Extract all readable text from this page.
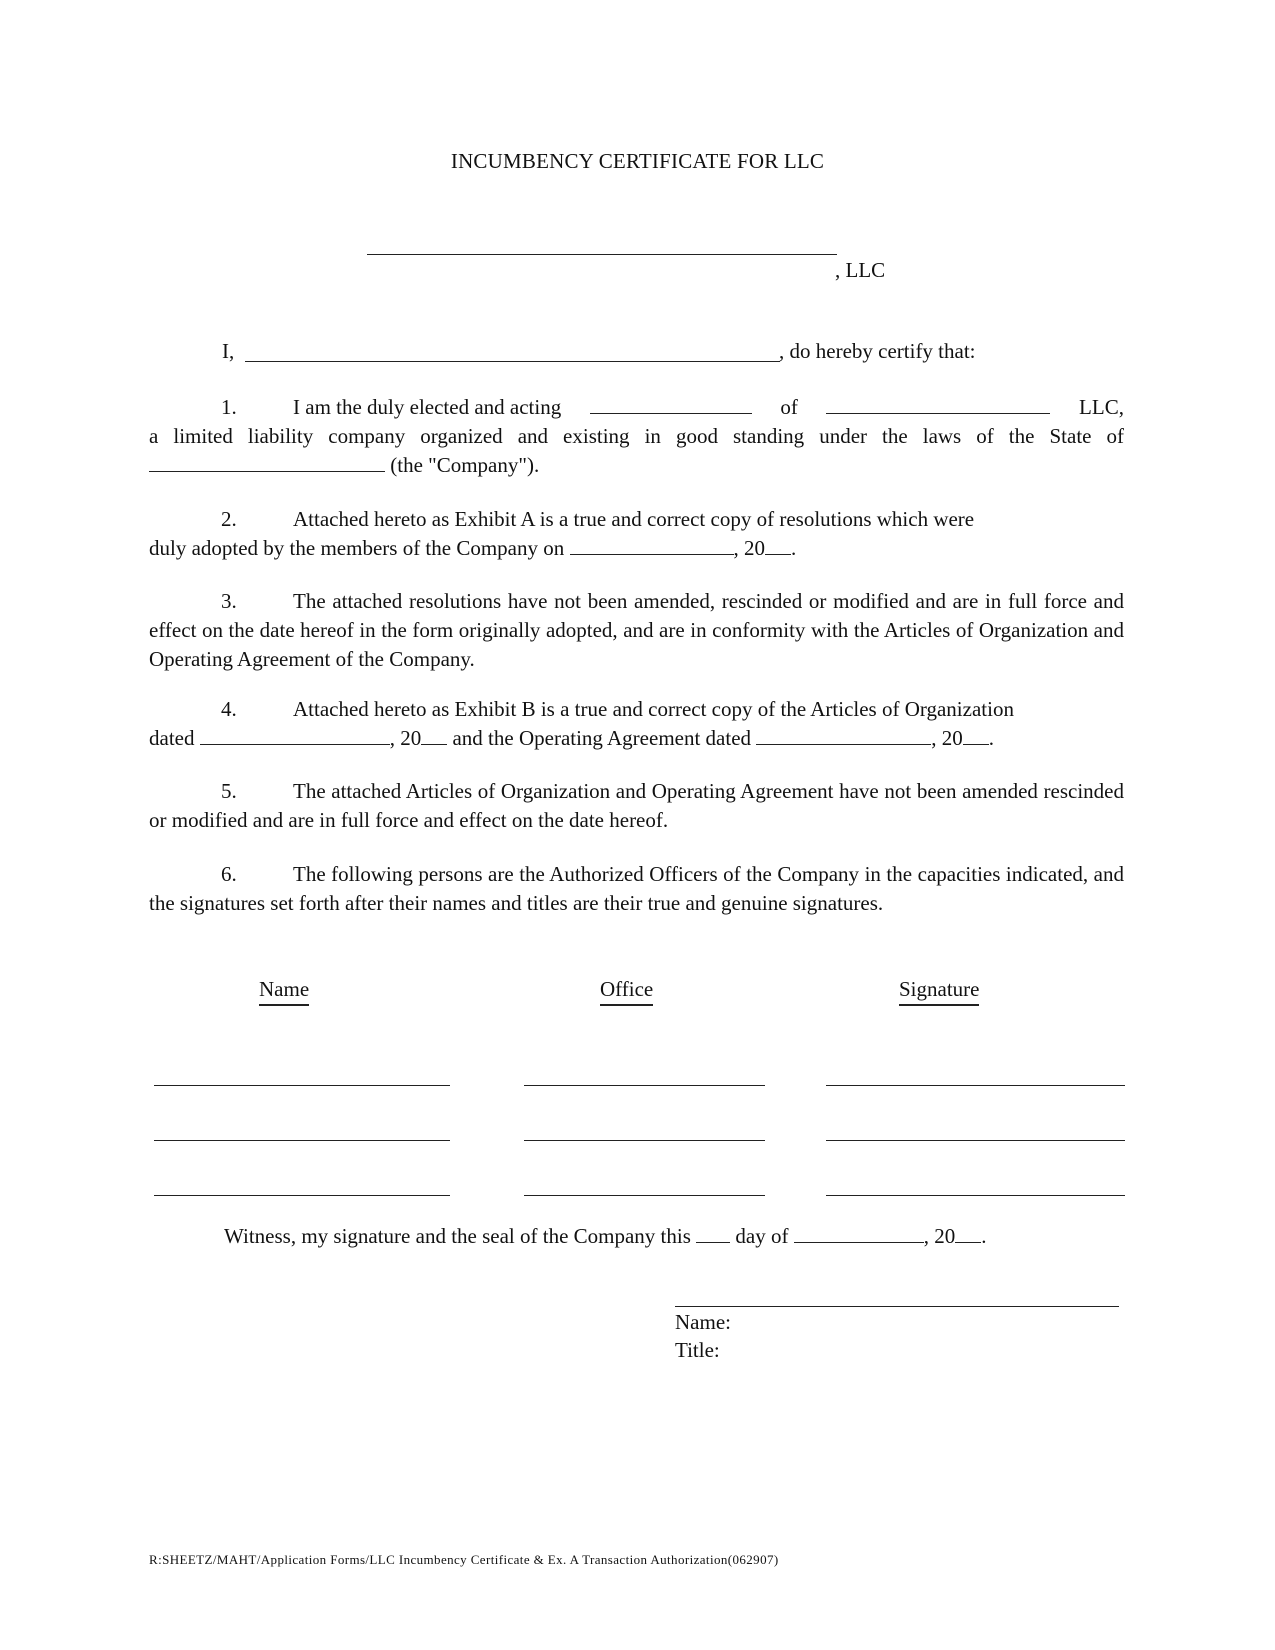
INCUMBENCY CERTIFICATE FOR LLC
, LLC
I,	, do hereby certify that:
1.	I am the duly elected and acting	of	LLC,
a limited liability company organized and existing in good standing under the laws of the State of
(the "Company").
2.	Attached hereto as Exhibit A is a true and correct copy of resolutions which were
duly adopted by the members of the Company on	, 20 .
3.	The attached resolutions have not been amended, rescinded or modified and are in full force and effect on the date hereof in the form originally adopted, and are in conformity with the Articles of Organization and Operating Agreement of the Company.
4.	Attached hereto as Exhibit B is a true and correct copy of the Articles of Organization
dated	, 20 and the Operating Agreement dated	, 20 .
5.	The attached Articles of Organization and Operating Agreement have not been amended rescinded or modified and are in full force and effect on the date hereof.
6.	The following persons are the Authorized Officers of the Company in the capacities indicated, and the signatures set forth after their names and titles are their true and genuine signatures.
Name	Office	Signature
Witness, my signature and the seal of the Company this day of	, 20 .
Name:
Title:
R:SHEETZ/MAHT/Application Forms/LLC Incumbency Certificate & Ex. A Transaction Authorization(062907)
